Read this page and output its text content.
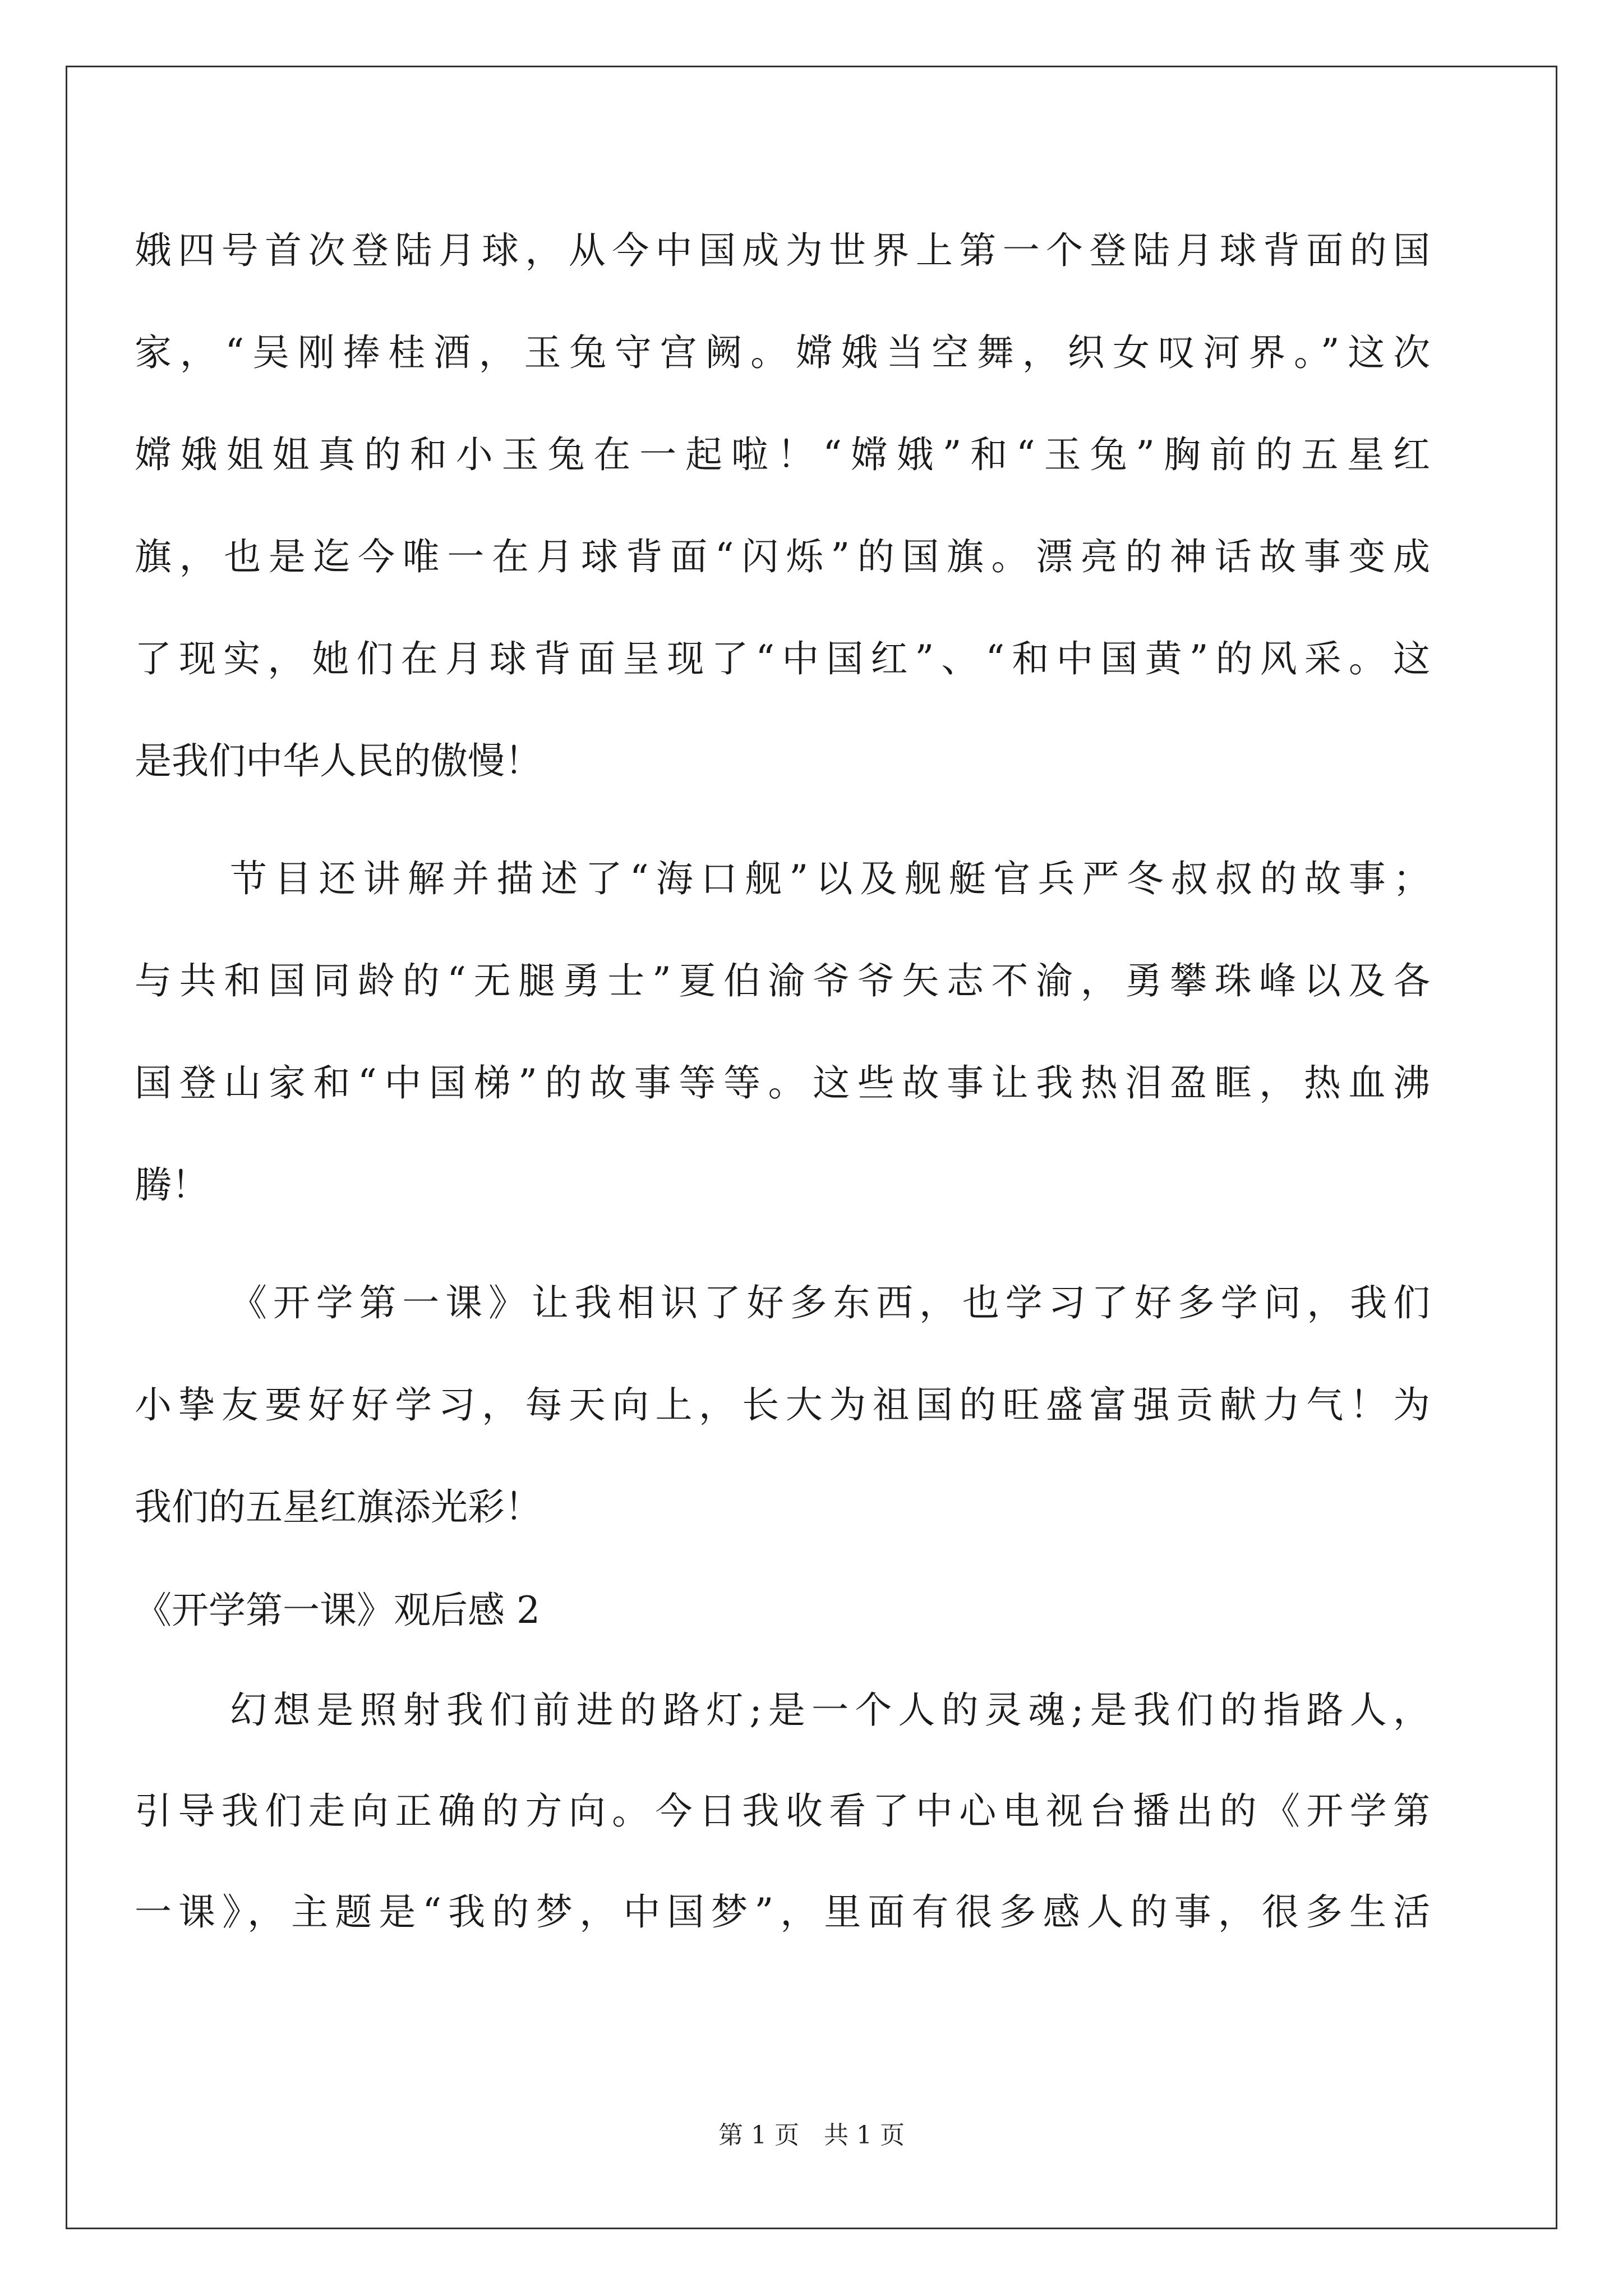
娥四号首次登陆月球，从今中国成为世界上第一个登陆月球背面的国
家，“吴刚捧桂酒，玉兔守宫阙。嫦娥当空舞，织女叹河界。”这次
嫦娥姐姐真的和小玉兔在一起啦！“嫦娥”和“玉兔”胸前的五星红
旗，也是迄今唯一在月球背面“闪烁”的国旗。漂亮的神话故事变成
了现实，她们在月球背面呈现了“中国红”、“和中国黄”的风采。这
是我们中华人民的傲慢！
节目还讲解并描述了“海口舰”以及舰艇官兵严冬叔叔的故事；
与共和国同龄的“无腿勇士”夏伯渝爷爷矢志不渝，勇攀珠峰以及各
国登山家和“中国梯”的故事等等。这些故事让我热泪盈眶，热血沸
腾！
《开学第一课》让我相识了好多东西，也学习了好多学问，我们
小挚友要好好学习，每天向上，长大为祖国的旺盛富强贡献力气！为
我们的五星红旗添光彩！
《开学第一课》观后感 2
幻想是照射我们前进的路灯;是一个人的灵魂;是我们的指路人，
引导我们走向正确的方向。今日我收看了中心电视台播出的《开学第
一课》，主题是“我的梦，中国梦”，里面有很多感人的事，很多生活
第 1 页　共 1 页
